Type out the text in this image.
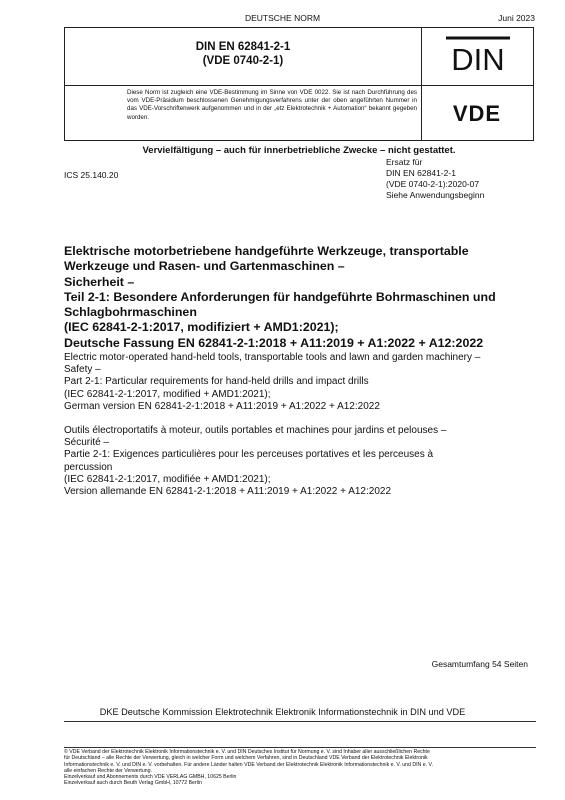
DEUTSCHE NORM	Juni 2023
DIN EN 62841-2-1
(VDE 0740-2-1)
Diese Norm ist zugleich eine VDE-Bestimmung im Sinne von VDE 0022. Sie ist nach Durchführung des vom VDE-Präsidium beschlossenen Genehmigungsverfahrens unter der oben angeführten Nummer in das VDE-Vorschriftenwerk aufgenommen und in der „etz Elektrotechnik + Automation“ bekannt gegeben worden.
DIN
VDE
Vervielfältigung – auch für innerbetriebliche Zwecke – nicht gestattet.
ICS 25.140.20
Ersatz für
DIN EN 62841-2-1
(VDE 0740-2-1):2020-07
Siehe Anwendungsbeginn
Elektrische motorbetriebene handgeführte Werkzeuge, transportable
Werkzeuge und Rasen- und Gartenmaschinen –
Sicherheit –
Teil 2-1: Besondere Anforderungen für handgeführte Bohrmaschinen und
Schlagbohrmaschinen
(IEC 62841-2-1:2017, modifiziert + AMD1:2021);
Deutsche Fassung EN 62841-2-1:2018 + A11:2019 + A1:2022 + A12:2022
Electric motor-operated hand-held tools, transportable tools and lawn and garden machinery –
Safety –
Part 2-1: Particular requirements for hand-held drills and impact drills
(IEC 62841-2-1:2017, modified + AMD1:2021);
German version EN 62841-2-1:2018 + A11:2019 + A1:2022 + A12:2022
Outils électroportatifs à moteur, outils portables et machines pour jardins et pelouses –
Sécurité –
Partie 2-1: Exigences particulières pour les perceuses portatives et les perceuses à
percussion
(IEC 62841-2-1:2017, modifiée + AMD1:2021);
Version allemande EN 62841-2-1:2018 + A11:2019 + A1:2022 + A12:2022
Gesamtumfang 54 Seiten
DKE Deutsche Kommission Elektrotechnik Elektronik Informationstechnik in DIN und VDE
© VDE Verband der Elektrotechnik Elektronik Informationstechnik e. V. und DIN Deutsches Institut für Normung e. V. sind Inhaber aller ausschließlichen Rechte
für Deutschland – alle Rechte der Verwertung, gleich in welcher Form und welchem Verfahren, sind in Deutschland VDE Verband der Elektrotechnik Elektronik
Informationstechnik e. V. und DIN e. V. vorbehalten. Für andere Länder halten VDE Verband der Elektrotechnik Elektronik Informationstechnik e. V. und DIN e. V.
alle einfachen Rechte der Verwertung.
Einzelverkauf und Abonnements durch VDE VERLAG GMBH, 10625 Berlin
Einzelverkauf auch durch Beuth Verlag GmbH, 10772 Berlin
